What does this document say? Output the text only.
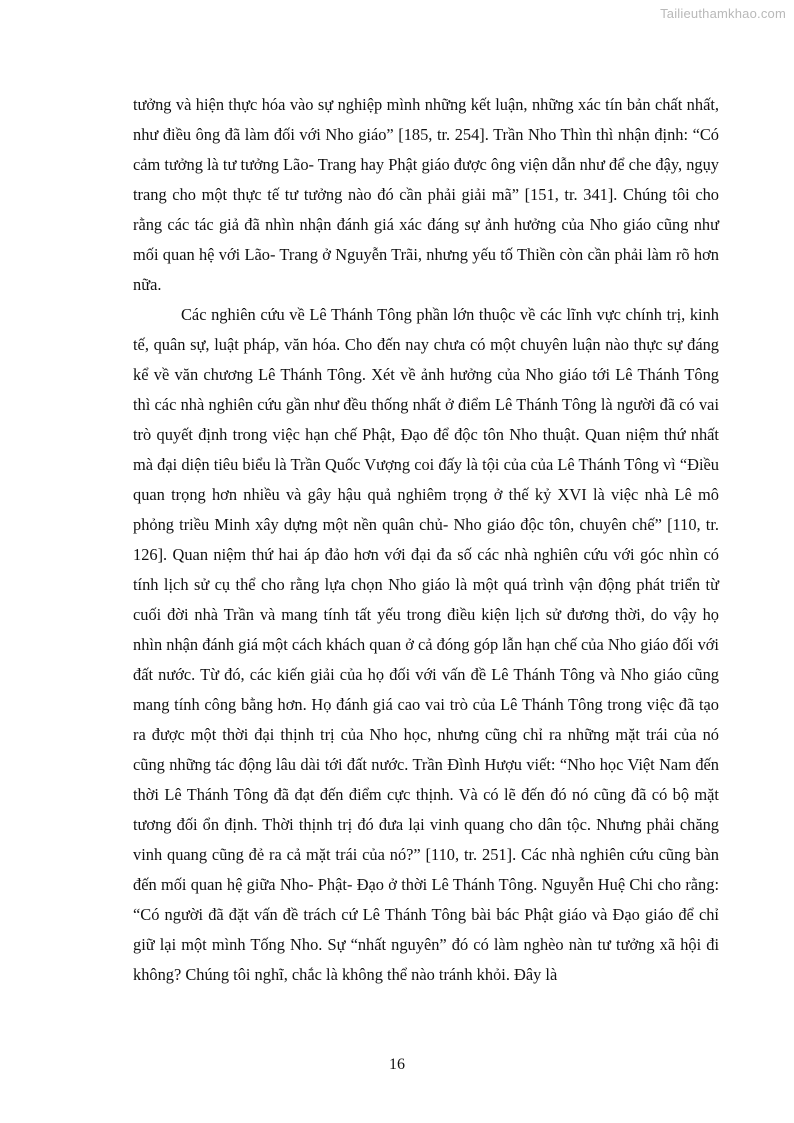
Tailieuthamkhao.com

tưởng và hiện thực hóa vào sự nghiệp mình những kết luận, những xác tín bản chất nhất, như điều ông đã làm đối với Nho giáo” [185, tr. 254]. Trần Nho Thìn thì nhận định: “Có cảm tưởng là tư tưởng Lão- Trang hay Phật giáo được ông viện dẫn như để che đậy, ngụy trang cho một thực tế tư tưởng nào đó cần phải giải mã” [151, tr. 341]. Chúng tôi cho rằng các tác giả đã nhìn nhận đánh giá xác đáng sự ảnh hưởng của Nho giáo cũng như mối quan hệ với Lão- Trang ở Nguyễn Trãi, nhưng yếu tố Thiền còn cần phải làm rõ hơn nữa.

Các nghiên cứu về Lê Thánh Tông phần lớn thuộc về các lĩnh vực chính trị, kinh tế, quân sự, luật pháp, văn hóa. Cho đến nay chưa có một chuyên luận nào thực sự đáng kể về văn chương Lê Thánh Tông. Xét về ảnh hưởng của Nho giáo tới Lê Thánh Tông thì các nhà nghiên cứu gần như đều thống nhất ở điểm Lê Thánh Tông là người đã có vai trò quyết định trong việc hạn chế Phật, Đạo để độc tôn Nho thuật. Quan niệm thứ nhất mà đại diện tiêu biểu là Trần Quốc Vượng coi đấy là tội của của Lê Thánh Tông vì “Điều quan trọng hơn nhiều và gây hậu quả nghiêm trọng ở thế kỷ XVI là việc nhà Lê mô phỏng triều Minh xây dựng một nền quân chủ- Nho giáo độc tôn, chuyên chế” [110, tr. 126]. Quan niệm thứ hai áp đảo hơn với đại đa số các nhà nghiên cứu với góc nhìn có tính lịch sử cụ thể cho rằng lựa chọn Nho giáo là một quá trình vận động phát triển từ cuối đời nhà Trần và mang tính tất yếu trong điều kiện lịch sử đương thời, do vậy họ nhìn nhận đánh giá một cách khách quan ở cả đóng góp lẫn hạn chế của Nho giáo đối với đất nước. Từ đó, các kiến giải của họ đối với vấn đề Lê Thánh Tông và Nho giáo cũng mang tính công bằng hơn. Họ đánh giá cao vai trò của Lê Thánh Tông trong việc đã tạo ra được một thời đại thịnh trị của Nho học, nhưng cũng chỉ ra những mặt trái của nó cũng những tác động lâu dài tới đất nước. Trần Đình Hượu viết: “Nho học Việt Nam đến thời Lê Thánh Tông đã đạt đến điểm cực thịnh. Và có lẽ đến đó nó cũng đã có bộ mặt tương đối ổn định. Thời thịnh trị đó đưa lại vinh quang cho dân tộc. Nhưng phải chăng vinh quang cũng đẻ ra cả mặt trái của nó?” [110, tr. 251]. Các nhà nghiên cứu cũng bàn đến mối quan hệ giữa Nho- Phật- Đạo ở thời Lê Thánh Tông. Nguyễn Huệ Chi cho rằng: “Có người đã đặt vấn đề trách cứ Lê Thánh Tông bài bác Phật giáo và Đạo giáo để chỉ giữ lại một mình Tống Nho. Sự “nhất nguyên” đó có làm nghèo nàn tư tưởng xã hội đi không? Chúng tôi nghĩ, chắc là không thể nào tránh khỏi. Đây là

16
